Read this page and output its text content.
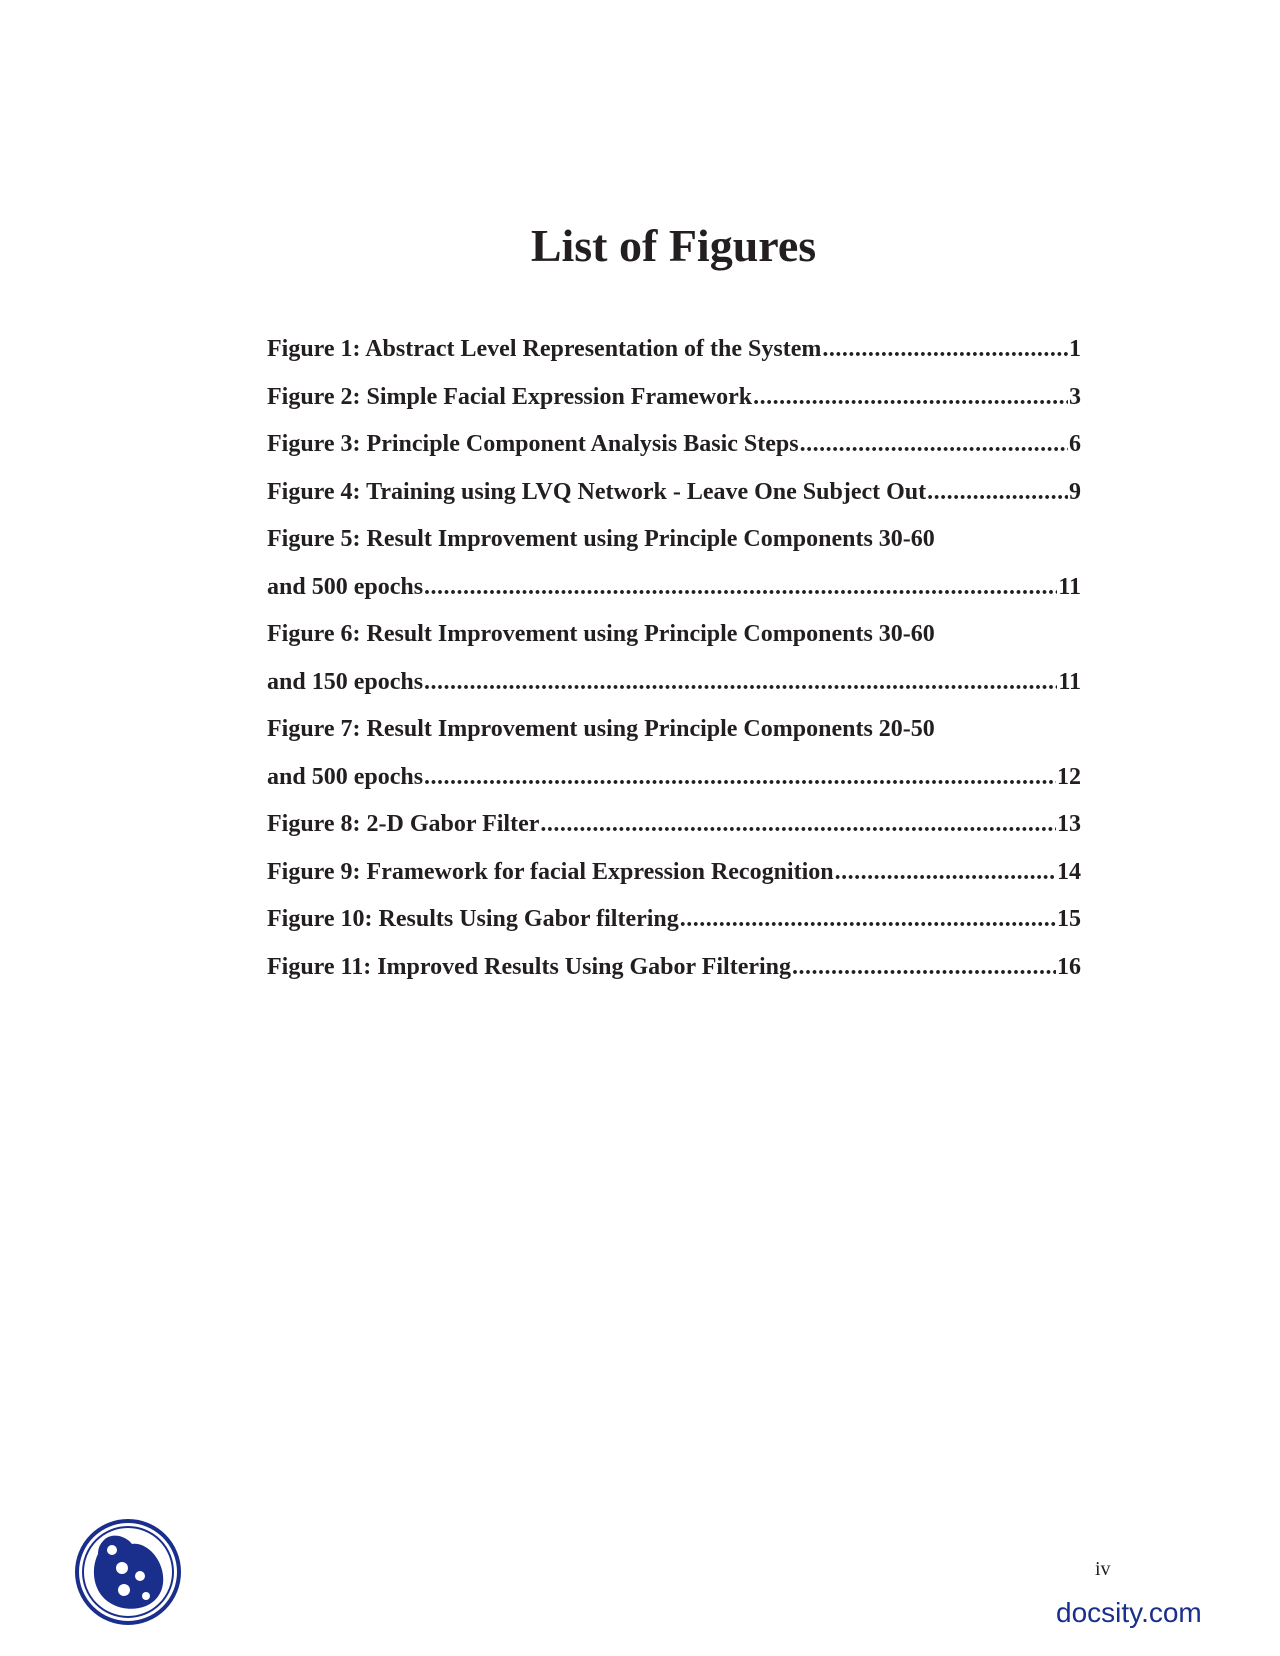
List of Figures
Figure 1: Abstract Level Representation of the System .....	1
Figure 2: Simple Facial Expression Framework .....	3
Figure 3: Principle Component Analysis Basic Steps .....	6
Figure 4: Training using LVQ Network - Leave One Subject Out .....	9
Figure 5: Result Improvement using Principle Components 30-60
and 500 epochs .....	11
Figure 6: Result Improvement using Principle Components 30-60
and 150 epochs .....	11
Figure 7: Result Improvement using Principle Components 20-50
and 500 epochs .....	12
Figure 8: 2-D Gabor Filter .....	13
Figure 9: Framework for facial Expression Recognition .....	14
Figure 10: Results Using Gabor filtering .....	15
Figure 11: Improved Results Using Gabor Filtering .....	16
iv
docsity.com
